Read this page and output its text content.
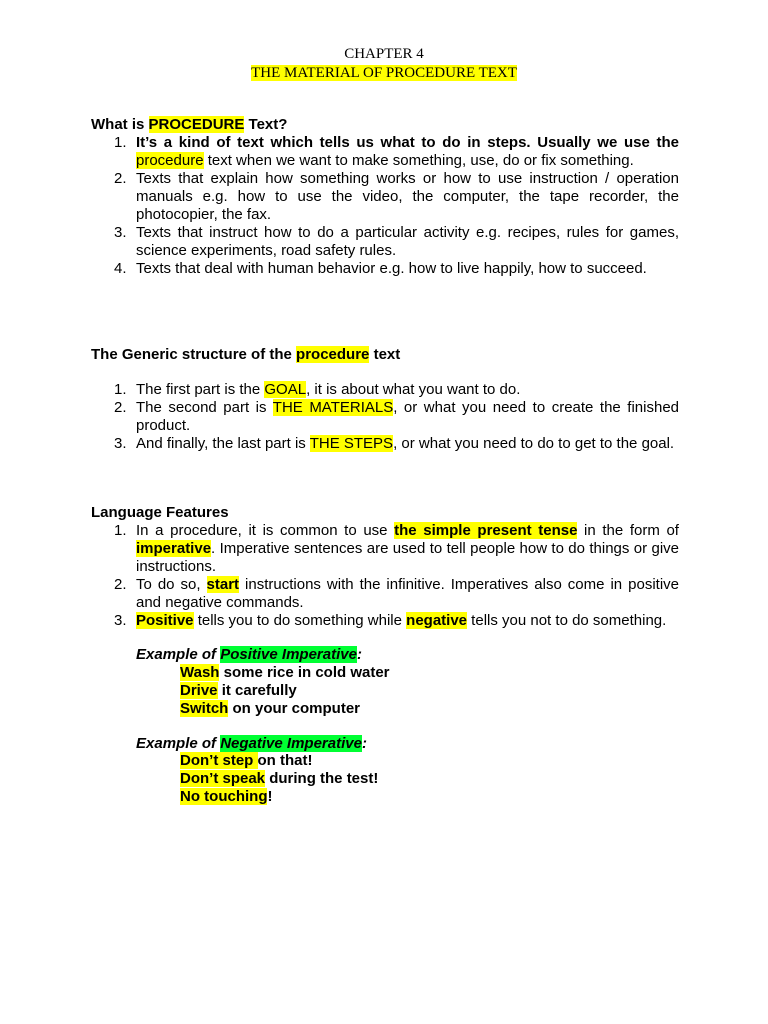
CHAPTER 4
THE MATERIAL OF PROCEDURE TEXT
What is PROCEDURE Text?
1. It’s a kind of text which tells us what to do in steps. Usually we use the procedure text when we want to make something, use, do or fix something.
2. Texts that explain how something works or how to use instruction / operation manuals e.g. how to use the video, the computer, the tape recorder, the photocopier, the fax.
3. Texts that instruct how to do a particular activity e.g. recipes, rules for games, science experiments, road safety rules.
4. Texts that deal with human behavior e.g. how to live happily, how to succeed.
The Generic structure of the procedure text
1. The first part is the GOAL, it is about what you want to do.
2. The second part is THE MATERIALS, or what you need to create the finished product.
3. And finally, the last part is THE STEPS, or what you need to do to get to the goal.
Language Features
1. In a procedure, it is common to use the simple present tense in the form of imperative. Imperative sentences are used to tell people how to do things or give instructions.
2. To do so, start instructions with the infinitive. Imperatives also come in positive and negative commands.
3. Positive tells you to do something while negative tells you not to do something.
Example of Positive Imperative:
Wash some rice in cold water
Drive it carefully
Switch on your computer
Example of Negative Imperative:
Don’t step on that!
Don’t speak during the test!
No touching!
